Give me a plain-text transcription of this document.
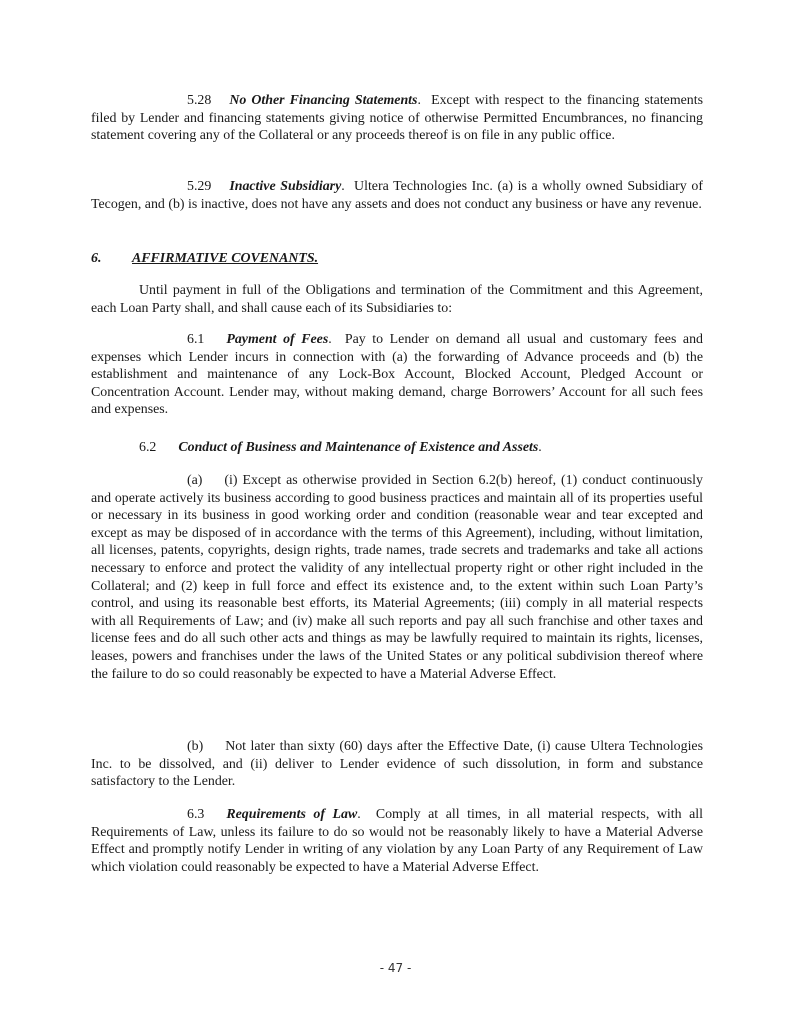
5.28 No Other Financing Statements.  Except with respect to the financing statements filed by Lender and financing statements giving notice of otherwise Permitted Encumbrances, no financing statement covering any of the Collateral or any proceeds thereof is on file in any public office.

5.29 Inactive Subsidiary.  Ultera Technologies Inc. (a) is a wholly owned Subsidiary of Tecogen, and (b) is inactive, does not have any assets and does not conduct any business or have any revenue.

6. AFFIRMATIVE COVENANTS.

Until payment in full of the Obligations and termination of the Commitment and this Agreement, each Loan Party shall, and shall cause each of its Subsidiaries to:

6.1 Payment of Fees.  Pay to Lender on demand all usual and customary fees and expenses which Lender incurs in connection with (a) the forwarding of Advance proceeds and (b) the establishment and maintenance of any Lock-Box Account, Blocked Account, Pledged Account or Concentration Account. Lender may, without making demand, charge Borrowers’ Account for all such fees and expenses.

6.2 Conduct of Business and Maintenance of Existence and Assets.

(a) (i) Except as otherwise provided in Section 6.2(b) hereof, (1) conduct continuously and operate actively its business according to good business practices and maintain all of its properties useful or necessary in its business in good working order and condition (reasonable wear and tear excepted and except as may be disposed of in accordance with the terms of this Agreement), including, without limitation, all licenses, patents, copyrights, design rights, trade names, trade secrets and trademarks and take all actions necessary to enforce and protect the validity of any intellectual property right or other right included in the Collateral; and (2) keep in full force and effect its existence and, to the extent within such Loan Party’s control, and using its reasonable best efforts, its Material Agreements; (iii) comply in all material respects with all Requirements of Law; and (iv) make all such reports and pay all such franchise and other taxes and license fees and do all such other acts and things as may be lawfully required to maintain its rights, licenses, leases, powers and franchises under the laws of the United States or any political subdivision thereof where the failure to do so could reasonably be expected to have a Material Adverse Effect.

(b) Not later than sixty (60) days after the Effective Date, (i) cause Ultera Technologies Inc. to be dissolved, and (ii) deliver to Lender evidence of such dissolution, in form and substance satisfactory to the Lender.

6.3 Requirements of Law.  Comply at all times, in all material respects, with all Requirements of Law, unless its failure to do so would not be reasonably likely to have a Material Adverse Effect and promptly notify Lender in writing of any violation by any Loan Party of any Requirement of Law which violation could reasonably be expected to have a Material Adverse Effect.

- 47 -
